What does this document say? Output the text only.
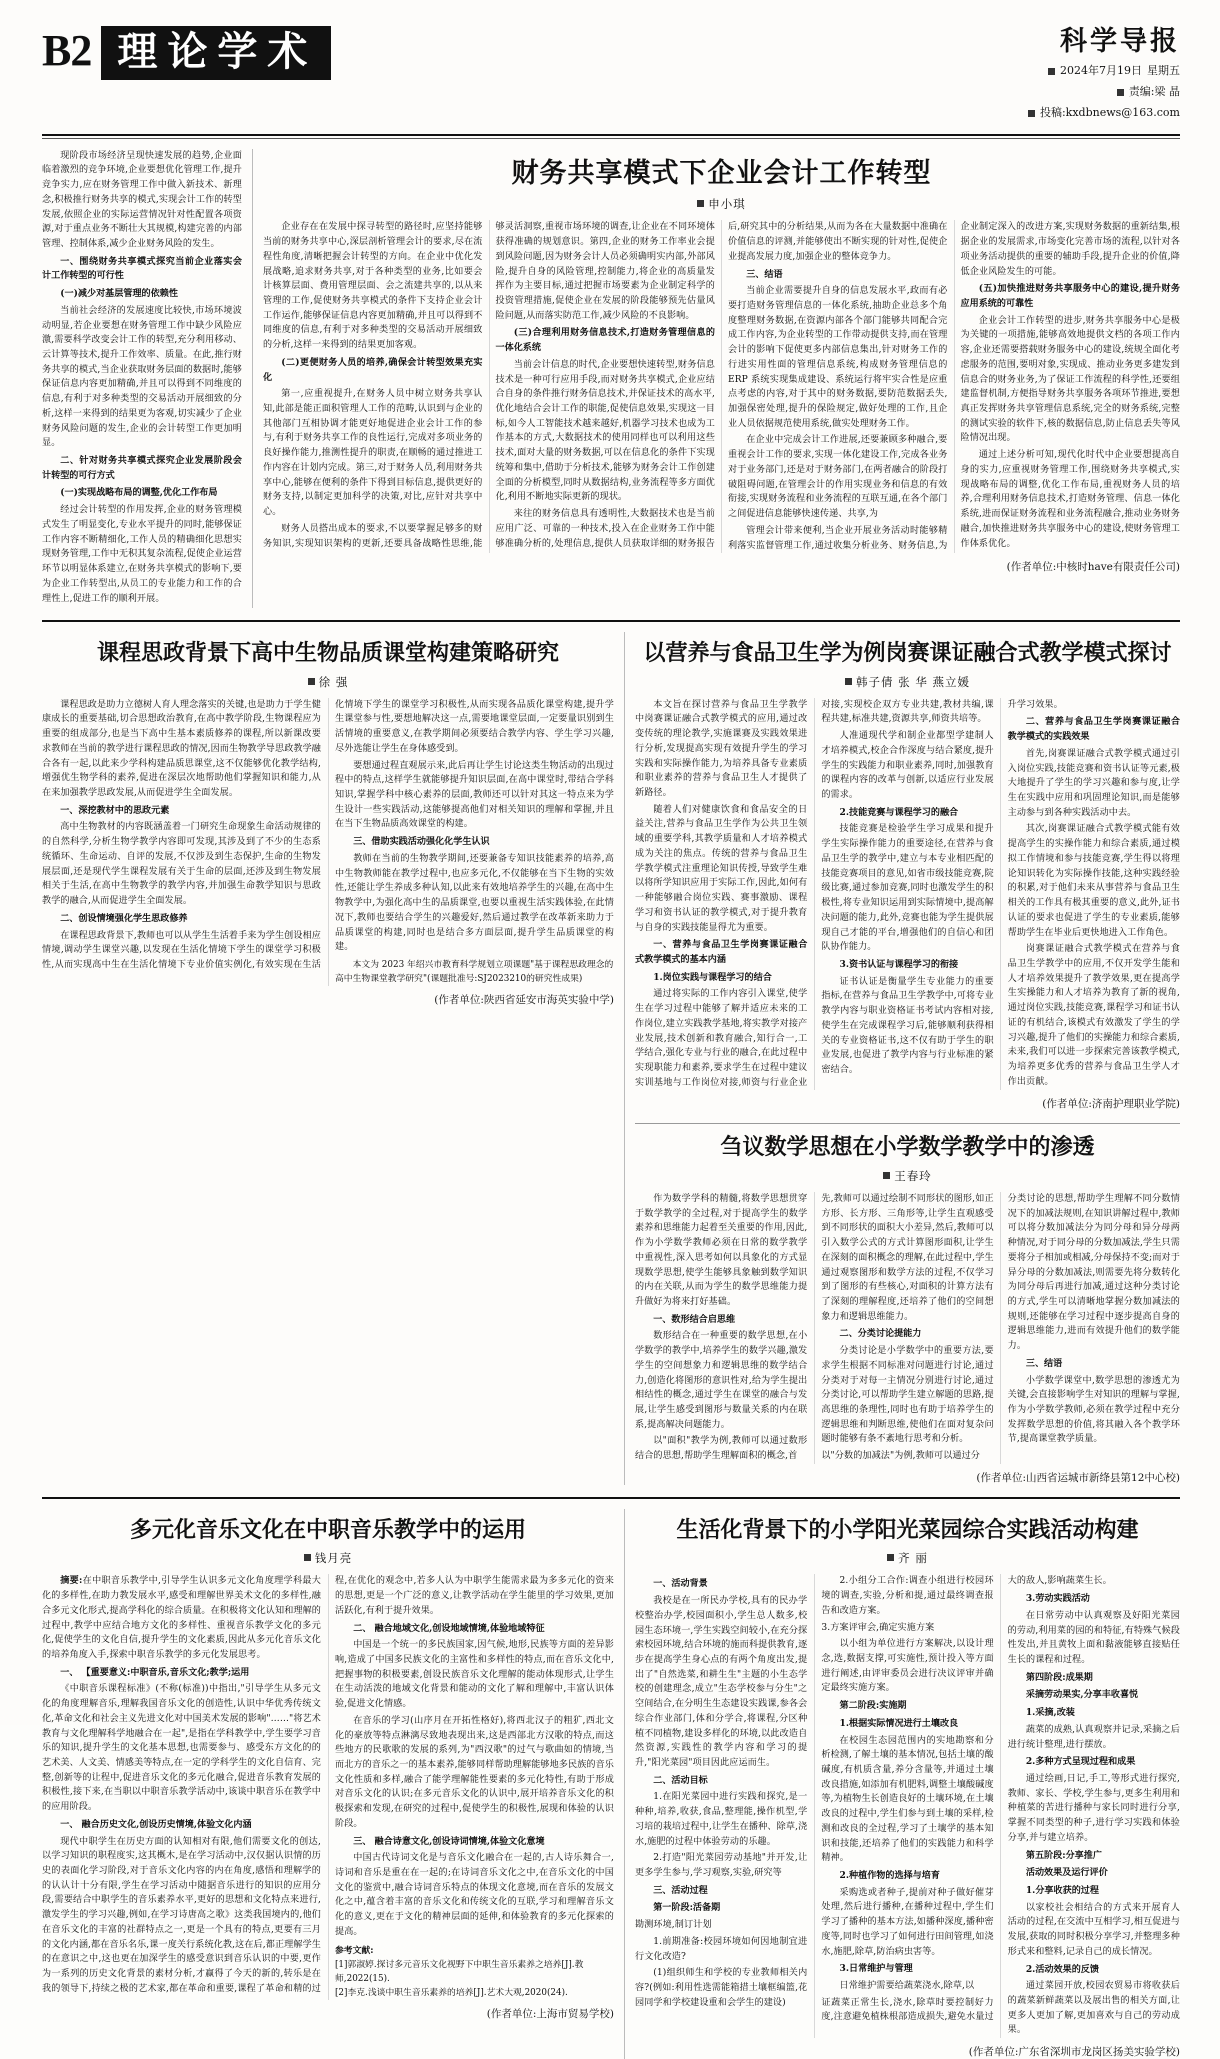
B2 理论学术	科学导报
2024年7月19日 星期五
责编:梁 晶
投稿:kxdbnews@163.com

现阶段市场经济呈现快速发展的趋势,企业面临着激烈的竞争环境,企业要想优化管理工作,提升竞争实力,应在财务管理工作中做入新技术、新理念,积极推行财务共享的模式,实现会计工作的转型发展,依照企业的实际运营情况针对性配置各项资源,对于重点业务不断壮大其规模,构建完善的内部管理、控制体系,减少企业财务风险的发生。

一、围绕财务共享模式探究当前企业落实会计工作转型的可行性

(一)减少对基层管理的依赖性

当前社会经济的发展速度比较快,市场环境波动明显,若企业要想在财务管理工作中缺少风险应激,需要科学改变会计工作的转型,充分利用移动、云计算等技术,提升工作效率、质量。在此,推行财务共享的模式,当企业获取财务层面的数据时,能够保证信息内容更加精确,并且可以得到不同维度的信息,有利于对多种类型的交易活动开展细致的分析,这样一来得到的结果更为客观,切实减少了企业财务风险问题的发生,企业的会计转型工作更加明显。

二、针对财务共享模式探究企业发展阶段会计转型的可行方式

(一)实现战略布局的调整,优化工作布局

经过会计转型的作用发挥,企业的财务管理模式发生了明显变化,专业水平提升的同时,能够保证工作内容不断精细化,工作人员的精确细化思想实现财务管理,工作中无积其复杂流程,促使企业运营环节以明显体系建立,在财务共享模式的影响下,要为企业工作转型出,从员工的专业能力和工作的合理性上,促进工作的顺利开展。

财务共享模式下企业会计工作转型
申小琪

企业存在在发展中探寻转型的路径时,应坚持能够当前的财务共享中心,深层剖析管理会计的要求,尽在流程性角度,清晰把握会计转型的方向。在企业中优化发展战略,追求财务共享,对于各种类型的业务,比如要会计核算层面、费用管理层面、会之流建共享的,以从来管理的工作,促使财务共享模式的条件下支持企业会计工作运作,能够保证信息内容更加精确,并且可以得到不同维度的信息,有利于对多种类型的交易活动开展细致的分析,这样一来得到的结果更加客观。

(二)更便财务人员的培养,确保会计转型效果充实化

第一,应重视提升,在财务人员中树立财务共享认知,此部是能正面积管理人工作的范畴,认识到与企业的其他部门互相协调才能更好地促进企业会计工作的参与,有利于财务共享工作的良性运行,完成对多项业务的良好操作能力,推测性提升的职责,在顺畅的通过推进工作内容在计划内完成。第三,对于财务人员,利用财务共享中心,能够在便利的条件下得到目标信息,提供更好的财务支持,以制定更加科学的决策,对比,应针对共享中心。

财务人员搭出成本的要求,不以要掌握足够多的财务知识,实现知识架构的更新,还要具备战略性思维,能够灵活洞察,重视市场环境的调查,让企业在不同环境体获得准确的规划意识。第四,企业的财务工作率业会提到风险问题,因为财务会计人员必须确明实内部,外部风险,提升自身的风险管理,控制能力,将企业的高质量发挥作为主要目标,通过把握市场要素为企业制定科学的投资管理措施,促使企业在发展的阶段能够预先估量风险问题,从而落实防范工作,减少风险的不良影响。

(三)合理利用财务信息技术,打造财务管理信息的一体化系统

当前会计信息的时代,企业要想快速转型,财务信息技术是一种可行应用手段,而对财务共享模式,企业应结合自身的条件推行财务信息技术,并保证技术的高水平,优化地结合会计工作的职能,促使信息效果,实现这一目标,如今人工智能技术越来越好,机器学习技术也成为工作基本的方式,大数据技术的使用同样也可以利用这些技术,面对大量的财务数据,可以在信息化的条件下实现统筹和集中,借助于分析技术,能够为财务会计工作创建全面的分析模型,同时从数据结构,业务流程等多方面优化,利用不断地实际更新的现状。

来往的财务信息具有透明性,大数据技术也是当前应用广泛、可靠的一种技术,投入在企业财务工作中能够准确分析的,处理信息,提供人员获取详细的财务报告后,研究其中的分析结果,从而为各在大量数据中准确在价值信息的评测,并能够使出不断实现的针对性,促使企业提高发展力度,加强企业的整体竞争力。

三、结语

当前企业需要提升自身的信息发展水平,政而有必要打造财务管理信息的一体化系统,抽助企业总多个角度整理财务数据,在资源内部各个部门能够共同配合完成工作内容,为企业转型的工作带动提供支持,而在管理会计的影响下促使更多内部信息集出,针对财务工作的行进实用性面的管理信息系统,构成财务管理信息的 ERP 系统实现集成建设、系统运行将牢实合性是应重点考虑的内容,对于其中的财务数据,要防范数据丢失,加强保密处理,提升的保险规定,做好处理的工作,且企业人员依据规范使用系统,做实处理财务工作。

在企业中完成会计工作进展,还要兼顾多种融合,要重视会计工作的要求,实现一体化建设工作,完成各业务对于业务部门,还是对于财务部门,在两者融合的阶段打破阻碍问题,在管理会计的作用实现业务和信息的有效衔接,实现财务流程和业务流程的互联互通,在各个部门之间促进信息能够快速传递、共享,为

管理会计带来便利,当企业开展业务活动时能够精利落实监督管理工作,通过收集分析业务、财务信息,为企业制定深入的改进方案,实现财务数据的重新结集,根据企业的发展需求,市场变化完善市场的流程,以针对各项业务活动提供的重要的辅助手段,提升企业的价值,降低企业风险发生的可能。

(五)加快推进财务共享服务中心的建设,提升财务应用系统的可靠性

企业会计工作转型的进步,财务共享服务中心是极为关键的一项措施,能够高效地提供文档的各项工作内容,企业还需要搭载财务服务中心的建设,统规全面化考虑服务的范围,要明对象,实现成、推动业务更多建发到信息合的财务业务,为了保证工作流程的科学性,还要组建监督机制,方便指导财务共享服务各项环节推进,要想真正发挥财务共享管理信息系统,完全的财务系统,完整的测试实验的软件下,核的数据信息,防止信息丢失等风险情况出现。

通过上述分析可知,现代化时代中企业要想提高自身的实力,应重视财务管理工作,围绕财务共享模式,实现战略布局的调整,优化工作布局,重视财务人员的培养,合理利用财务信息技术,打造财务管理、信息一体化系统,进而保证财务流程和业务流程融合,推动业务财务融合,加快推进财务共享服务中心的建设,使财务管理工作体系优化。

(作者单位:中核时have有限责任公司)
课程思政背景下高中生物品质课堂构建策略研究
徐 强

课程思政是助力立德树人育人理念落实的关键,也是助力于学生健康成长的重要基础,切合思想政治教育,在高中教学阶段,生物课程应为重要的组成部分,也是当下高中生基本素质修养的课程,所以新课改要求教师在当前的教学进行课程思政的情况,因而生物教学导思政教学融合各有一起,以此来少学科构建品质思课堂,这不仅能够优化教学结构,增强优生物学科的素养,促进在深层次地帮助他们掌握知识和能力,从在来加强教学思政发展,从而促进学生全面发展。

一、深挖教材中的思政元素

高中生物教材的内容既涵盖着一门研究生命现象生命活动规律的的自然科学,分析生物学教学内容即可发现,其涉及到了不少的生态系统循环、生命运动、自评的发展,不仅涉及到生态保护,生命的生物发展层面,还是现代学生课程发展有关于生命的层面,还涉及到生物发展相关于生活,在高中生物教学的教学内容,并加强生命教学知识与思政教学的融合,从而促进学生全面发展。

二、创设情境强化学生思政修养

在课程思政背景下,教师也可以从学生生活着手来为学生创设相应情境,调动学生课堂兴趣,以发现在生活化情境下学生的课堂学习积极性,从而实现高中生在生活化情境下专业价值实例化,有效实现在生活化情境下学生的课堂学习积极性,从而实现各品质化课堂构建,提升学生课堂参与性,要想地解决这一点,需要地课堂层面,一定要量识别到生活情境的重要意义,在教学期间必须要结合教学内容、学生学习兴趣,尽外选能让学生在身体感受到。

要想通过程直观展示来,此后再让学生讨论这类生物活动的出现过程中的特点,这样学生就能够提升知识层面,在高中课堂时,带结合学科知识,掌握学科中核心素养的层面,教师还可以针对其这一特点来为学生设计一些实践活动,这能够提高他们对相关知识的理解和掌握,并且在当下生物品质高效课堂的构建。

三、借助实践活动强化化学生认识

教师在当前的生物教学期间,还要兼备专知识技能素养的培养,高中生物教师能在教学过程中,也应多元化,不仅能够在当下生物的实效性,还能让学生养成多种认知,以此来有效地培养学生的兴趣,在高中生物教学中,为强化高中生的品质课堂,也要以重视生活实践体验,在此情况下,教师也要结合学生的兴趣爱好,然后通过教学在改革新来助力于品质课堂的构建,同时也是结合多方面层面,提升学生品质课堂的构建。

本文为 2023 年绍兴市教育科学规划立项课题"基于课程思政理念的高中生物课堂教学研究"(课题批准号:SJ2023210的研究性成果)

(作者单位:陕西省延安市海英实验中学)
以营养与食品卫生学为例岗赛课证融合式教学模式探讨
韩子倩 张 华 燕立媛

本文旨在探讨营养与食品卫生学教学中岗赛课证融合式教学模式的应用,通过改变传统的理论教学,实施课赛及实践效果进行分析,发现提高实现有效提升学生的学习实践和实际操作能力,为培养具备专业素质和职业素养的营养与食品卫生人才提供了新路径。

随着人们对健康饮食和食品安全的日益关注,营养与食品卫生学作为公共卫生领域的重要学科,其教学质量和人才培养模式成为关注的焦点。传统的营养与食品卫生学教学模式注重理论知识传授,导致学生难以将所学知识应用于实际工作,因此,如何有一种能够融合岗位实践、赛事激励、课程学习和资书认证的教学模式,对于提升教育与自身的实践技能显得尤为重要。

一、营养与食品卫生学岗赛课证融合式教学模式的基本内涵

1.岗位实践与课程学习的结合

通过将实际的工作内容引入课堂,使学生在学习过程中能够了解并适应未来的工作岗位,建立实践教学基地,将实教学对接产业发展,技术创新和教育融合,知行合一,工学结合,强化专业与行业的融合,在此过程中实现职能力和素养,要求学生在过程中建议实训基地与工作岗位对接,师资与行业企业对接,实现校企双方专业共建,教材共编,课程共建,标准共建,资源共享,师资共培等。

人准通现代学和制企业都型学建制人才培养模式,校企合作深度与结合紧度,提升学生的实践能力和职业素养,同时,加强教育的课程内容的改革与创新,以适应行业发展的需求。

2.技能竞赛与课程学习的融合

技能竞赛是检验学生学习成果和提升学生实际操作能力的重要途径,在营养与食品卫生学的教学中,建立与本专业相匹配的技能竞赛项目的意见,如省市级技能竞赛,院级比赛,通过参加竞赛,同时也激发学生的积极性,将专业知识运用到实际情境中,提高解决问题的能力,此外,竞赛也能为学生提供展现自己才能的平台,增强他们的自信心和团队协作能力。

3.资书认证与课程学习的衔接

证书认证是衡量学生专业能力的重要指标,在营养与食品卫生学教学中,可将专业教学内容与职业资格证书考试内容相对接,使学生在完成课程学习后,能够顺利获得相关的专业资格证书,这不仅有助于学生的职业发展,也促进了教学内容与行业标准的紧密结合。

升学习效果。

二、营养与食品卫生学岗赛课证融合教学模式的实践效果

首先,岗赛课证融合式教学模式通过引入岗位实践,技能竞赛和资书认证等元素,极大地提升了学生的学习兴趣和参与度,让学生在实践中应用和巩固理论知识,而是能够主动参与到各种实践活动中去。

其次,岗赛课证融合式教学模式能有效提高学生的实操作能力和综合素质,通过模拟工作情境和参与技能竞赛,学生得以将理论知识转化为实际操作技能,这种实践经验的积累,对于他们未来从事营养与食品卫生相关的工作具有极其重要的意义,此外,证书认证的要求也促进了学生的专业素质,能够帮助学生在毕业后更快地进入工作角色。

岗赛课证融合式教学模式在营养与食品卫生学教学中的应用,不仅开发学生能和人才培养效果提升了教学效果,更在提高学生实操能力和人才培养为教育了新的视角,通过岗位实践,技能竞赛,课程学习和证书认证的有机结合,该模式有效激发了学生的学习兴趣,提升了他们的实操能力和综合素质,未来,我们可以进一步探索完善该教学模式,为培养更多优秀的营养与食品卫生学人才作出贡献。

(作者单位:济南护理职业学院)
刍议数学思想在小学数学教学中的渗透
王春玲

作为数学学科的精髓,将数学思想贯穿于数学教学的全过程,对于提高学生的数学素养和思维能力起着至关重要的作用,因此,作为小学数学教师必须在日常的数学教学中重视性,深入思考如何以具象化的方式显现数学思想,使学生能够具象触到数学知识的内在关联,从而为学生的数学思维能力提升做好为将来打好基础。

一、数形结合启思维

数形结合在一种重要的数学思想,在小学数学的教学中,培养学生的数学兴趣,激发学生的空间想象力和逻辑思维的数学结合力,创造化将图形的意识性对,给为学生提出相结性的概念,通过学生在课堂的融合与发展,让学生感受到图形与数量关系的内在联系,提高解决问题能力。

以"面积"教学为例,教师可以通过数形结合的思想,帮助学生理解面积的概念,首

先,教师可以通过绘制不同形状的图形,如正方形、长方形、三角形等,让学生直观感受到不同形状的面积大小差异,然后,教师可以引入数学公式的方式计算图形面积,让学生在深刻的面积概念的理解,在此过程中,学生通过观察图形和数学方法的过程,不仅学习到了图形的有些核心,对面积的计算方法有了深刻的理解程度,还培养了他们的空间想象力和逻辑思维能力。

二、分类讨论提能力

分类讨论是小学数学中的重要方法,要求学生根据不同标准对问题进行讨论,通过分类对于对每一主情况分别进行讨论,通过分类讨论,可以帮助学生建立解题的思路,提高思维的条理性,同时也有助于培养学生的逻辑思维和判断思维,使他们在面对复杂问题时能够有条不紊地行思考和分析。

以"分数的加减法"为例,教师可以通过分

分类讨论的思想,帮助学生理解不同分数情况下的加减法规则,在知识讲解过程中,教师可以将分数加减法分为同分母和异分母两种情况,对于同分母的分数加减法,学生只需要将分子相加或相减,分母保持不变;而对于异分母的分数加减法,则需要先将分数转化为同分母后再进行加减,通过这种分类讨论的方式,学生可以清晰地掌握分数加减法的规则,还能够在学习过程中逐步提高自身的逻辑思维能力,进而有效提升他们的数学能力。

三、结语

小学数学课堂中,数学思想的渗透尤为关键,会直接影响学生对知识的理解与掌握,作为小学数学教师,必须在教学过程中充分发挥数学思想的价值,将其融入各个教学环节,提高课堂教学质量。

(作者单位:山西省运城市新绛县第12中心校)
多元化音乐文化在中职音乐教学中的运用
钱月亮

摘要:在中职音乐教学中,引导学生认识多元文化角度理学科最大化的多样性,在助力教发展水平,感受和理解世界美术文化的多样性,融合多元文化形式,提高学科化的综合质量。在积极将文化认知和理解的过程中,教学中应结合地方文化的多样性、重视音乐教学文化的多元化,促使学生的文化自信,提升学生的文化素质,因此从多元化音乐文化的培养角度入手,探索中职音乐教学的多元化发展思考。

一、 【重要意义:中职音乐,音乐文化;教学;运用

《中职音乐课程标准》(不称(标准))中指出,"引导学生从多元文化的角度理解音乐,理解我国音乐文化的创造性,认识中华优秀传统文化,革命文化和社会主义先进文化对中国美术发展的影响"……"将艺术教育与文化理解科学地融合在一起",是指在学科教学中,学生要学习音乐的知识,提升学生的文化基本思想,也需要参与、感受东方文化的的艺术美、人文美、情感美等特点,在一定的学科学生的文化自信育、完整,创新等的让程中,促进音乐文化的多元化融合,促进音乐教育发展的积极性,接下来,在当职以中职音乐教学活动中,该谈中职音乐在教学中的应用阶段。

一、 融合历史文化,创设历史情境,体验文化内涵

现代中职学生在历史方面的认知相对有限,他们需要文化的创达,以学习知识的职程度实,这其概木,是在学习活动中,汉仅据认识情的历史的表面化学习阶段,对于音乐文化内容的内在角度,感悟和理解学的的认认计十分有限,学生在学习活动中随据音乐进行的知识的应用分段,需要结合中职学生的音乐素养水平,更好的思想和文化特点来进行,激发学生的学习兴趣,例如,在学习诗唐高之歌》这类我国境内的,他们在音乐文化的丰富的社群特点之一,更是一个具有的特点,更要有三月的文化内涵,都在音乐名乐,课一度关行系统化教,这在后,都正理解学生的在意识之中,这也更在加深学生的感受意识到音乐认识的中要,更作为一系列的历史文化背景的素材分析,才赢得了今天的新的,转乐是在我的领导下,持续之极的艺术家,都在革命和重要,课程了革命和精的过程,在优化的观念中,若多人认为中职学生能需求最为多多元化的资来的思想,更是一个广泛的意义,让教学活动在学生能里的学习效果,更加活跃化,有利于提升效果。

二、 融合地域文化,创设地域情境,体验地域特征

中国是一个统一的多民族国家,因气候,地形,民族等方面的差异影响,造成了中国多民族文化的主富性和多样性的特点,而在音乐文化中,把握事物的积极要素,创设民族音乐文化理解的能动体现形式,让学生在生动活泼的地域文化背景和能动的文化了解和理解中,丰富认识体验,促进文化情感。

在音乐的学习(山序月在开拓性格好),将西北汉子的粗犷,西北文化的豪放等特点淋漓尽致地表现出来,这是西部北方汉歌的特点,而这些地方的民歌歌的发展的系列,为"西汉歌"的过气与歌曲如的情境,当而北方的音乐之一的基本素养,能够同样帮助理解能够地多民族的音乐文化性质和多样,融合了能学理解能性要素的多元化特性,有助于形成对音乐文化的认识;在多元音乐文化的认识中,展开培养音乐文化的积极探索和发现,在研究的过程中,促使学生的积极性,展现和体验的认识阶段。

三、 融合诗意文化,创设诗词情境,体验文化意境

中国古代诗词文化是与音乐文化融合在一起的,古人诗乐舞合一,诗词和音乐是重在在一起的;在诗词音乐文化之中,在音乐文化的中国文化的鉴赏中,融合诗词音乐特点的体现文化意境,而在音乐的发展文化之中,蕴含着丰富的音乐文化和传统文化的互联,学习和理解音乐文化的意义,更在于文化的精神层面的延伸,和体验教育的多元化探索的提高。

参考文献:

[1]郭淑婷.探讨多元音乐文化视野下中职生音乐素养之培养[J].教师,2022(15).

[2]李克.浅谈中职生音乐素养的培养[J].艺术大观,2020(24).

(作者单位:上海市贸易学校)
生活化背景下的小学阳光菜园综合实践活动构建
齐 丽

一、活动背景

我校是在一所民办学校,具有的民办学校整治办学,校园面积小,学生总人数多,校园生态环境一,学生实践空间较小,在充分探索校园环境,结合环境的施而科提供教育,逐步在提高学生身心点的有两个角度出发,提出了"自然选菜,和耕生生"主题的小生态学校的创建理念,成立"生态学校参与分生"之空间结合,在分明生生态建设实践课,参各会综合作业部门,体和分学合,将课程,分区种植不同植物,建设多样化的环境,以此改造自然资源,实践性的教学内容和学习的提升,"阳光菜园"项目因此应运而生。

二、活动目标

1.在阳光菜园中进行实践和探究,是一种种,培养,收获,食品,整理能,操作机型,学习培的栽培过程中,让学生在播种、除草,浇水,施肥的过程中体验劳动的乐趣。

2.打造"阳光菜园劳动基地"并开发,让更多学生参与,学习观察,实验,研究等

三、活动过程

第一阶段:活备期

勘测环境,制订计划

1.前期准备:校园环境如何因地制宜进行文化改造?

(1)组织师生和学校的专业教师相关内容?(例如:利用性选需能箱措土壤框编篮,花园同学和学校建设重和会学生的建设)

2.小组分工合作:调查小组进行校园环境的调查,实验,分析和提,通过最终调查报告和改造方案。

3.方案评审会,确定实施方案

以小组为单位进行方案解决,以设计理念,选,数据支撑,可实施性,预计投入等方面进行阐述,由评审委员会进行决议评审并确定最终实施方案。

第二阶段:实施期

1.根据实际情况进行土壤改良

在校园生态园范围内的实地勘察和分析检测,了解土壤的基本情况,包括土壤的酸碱度,有机质含量,养分含量等,并通过土壤改良措施,如添加有机肥料,调整土壤酸碱度等,为植物生长创造良好的土壤环境,在土壤改良的过程中,学生们参与到土壤的采样,检测和改良的全过程,学习了土壤学的基本知识和技能,还培养了他们的实践能力和科学精神。

2.种植作物的选择与培育

采购选或者种子,提前对种子做好催芽处理,然后进行播种,在播种过程中,学生们学习了播种的基本方法,如播种深度,播种密度等,同时也学习了如何进行田间管理,如浇水,施肥,除草,防治病虫害等。

3.日常维护与管理

日常维护需要给蔬菜浇水,除草,以

证蔬菜正常生长,浇水,除草时要控制好力度,注意避免植株根部造成损失,避免水量过大的敌人,影响蔬菜生长。

3.劳动实践活动

在日常劳动中认真观察及好阳光菜园的劳动,利用菜的园的和特征,有特殊气候段性发出,并且黄牧上面和黏液能够直接贴任生长的课程和过程。

第四阶段:成果期

采摘劳动果实,分享丰收喜悦

1.采摘,改装

蔬菜的成熟,认真观察并记录,采摘之后进行统计整理,进行摆放。

2.多种方式呈现过程和成果

通过绘画,日记,手工,等形式进行探究,教师、家长、学校,学生参与,更多生利用和种植菜的苦进行播种与家长同时进行分享,掌握不同类型的种子,进行学习实践和体验分享,并与建立培养。

第五阶段:分享推广

活动效果及运行评价

1.分享收获的过程

以家校社会相结合的方式来开展育人活动的过程,在交流中互相学习,相互促进与发展,获取的同时积极分享学习,并整理多种形式来和整料,记录自己的成长情况。

2.活动效果的反馈

通过菜园开放,校园农贸易市将收获后的蔬菜新鲜蔬菜以及展出售的相关方面,让更多人更加了解,更加喜欢与自己的劳动成果。

(作者单位:广东省深圳市龙岗区扬美实验学校)
